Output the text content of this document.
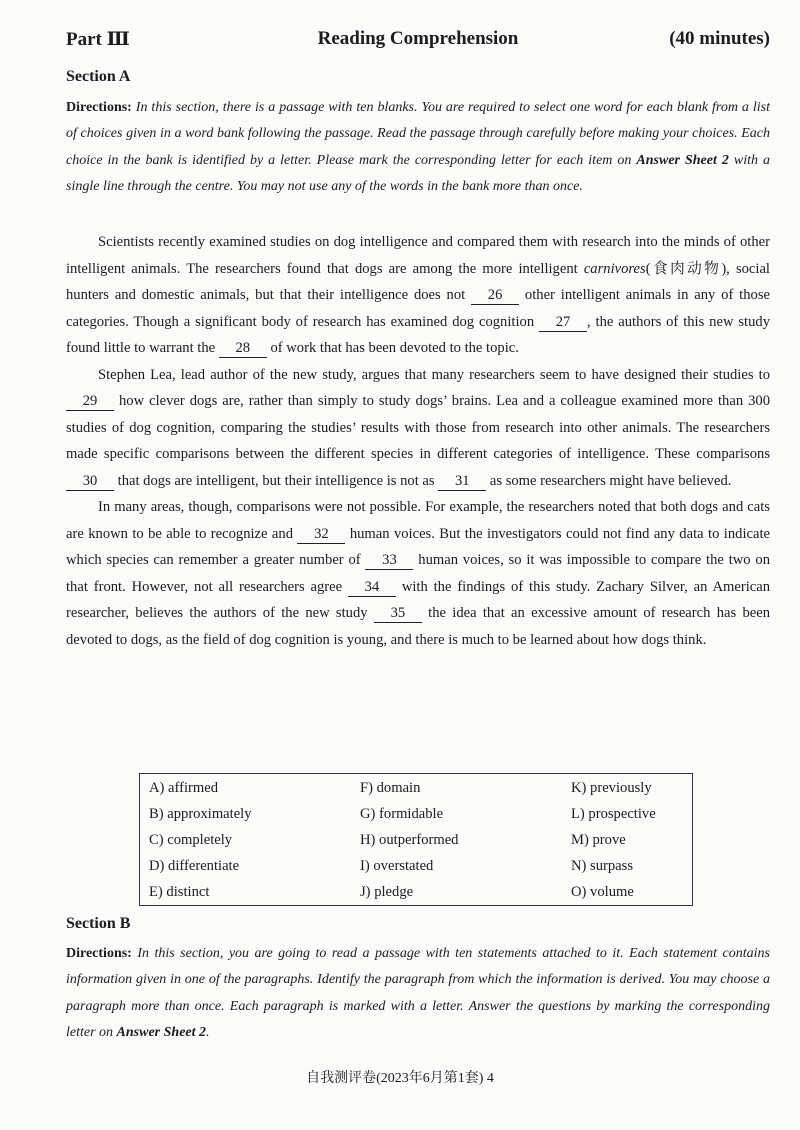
Part Ⅲ	Reading Comprehension	(40 minutes)
Section A
Directions: In this section, there is a passage with ten blanks. You are required to select one word for each blank from a list of choices given in a word bank following the passage. Read the passage through carefully before making your choices. Each choice in the bank is identified by a letter. Please mark the corresponding letter for each item on Answer Sheet 2 with a single line through the centre. You may not use any of the words in the bank more than once.

Scientists recently examined studies on dog intelligence and compared them with research into the minds of other intelligent animals. The researchers found that dogs are among the more intelligent carnivores(食肉动物), social hunters and domestic animals, but that their intelligence does not 26 other intelligent animals in any of those categories. Though a significant body of research has examined dog cognition 27 , the authors of this new study found little to warrant the 28 of work that has been devoted to the topic.

Stephen Lea, lead author of the new study, argues that many researchers seem to have designed their studies to 29 how clever dogs are, rather than simply to study dogs’ brains. Lea and a colleague examined more than 300 studies of dog cognition, comparing the studies’ results with those from research into other animals. The researchers made specific comparisons between the different species in different categories of intelligence. These comparisons 30 that dogs are intelligent, but their intelligence is not as 31 as some researchers might have believed.

In many areas, though, comparisons were not possible. For example, the researchers noted that both dogs and cats are known to be able to recognize and 32 human voices. But the investigators could not find any data to indicate which species can remember a greater number of 33 human voices, so it was impossible to compare the two on that front. However, not all researchers agree 34 with the findings of this study. Zachary Silver, an American researcher, believes the authors of the new study 35 the idea that an excessive amount of research has been devoted to dogs, as the field of dog cognition is young, and there is much to be learned about how dogs think.

A) affirmed
B) approximately
C) completely
D) differentiate
E) distinct
F) domain
G) formidable
H) outperformed
I) overstated
J) pledge
K) previously
L) prospective
M) prove
N) surpass
O) volume
Section B
Directions: In this section, you are going to read a passage with ten statements attached to it. Each statement contains information given in one of the paragraphs. Identify the paragraph from which the information is derived. You may choose a paragraph more than once. Each paragraph is marked with a letter. Answer the questions by marking the corresponding letter on Answer Sheet 2.
自我测评卷(2023年6月第1套) 4
